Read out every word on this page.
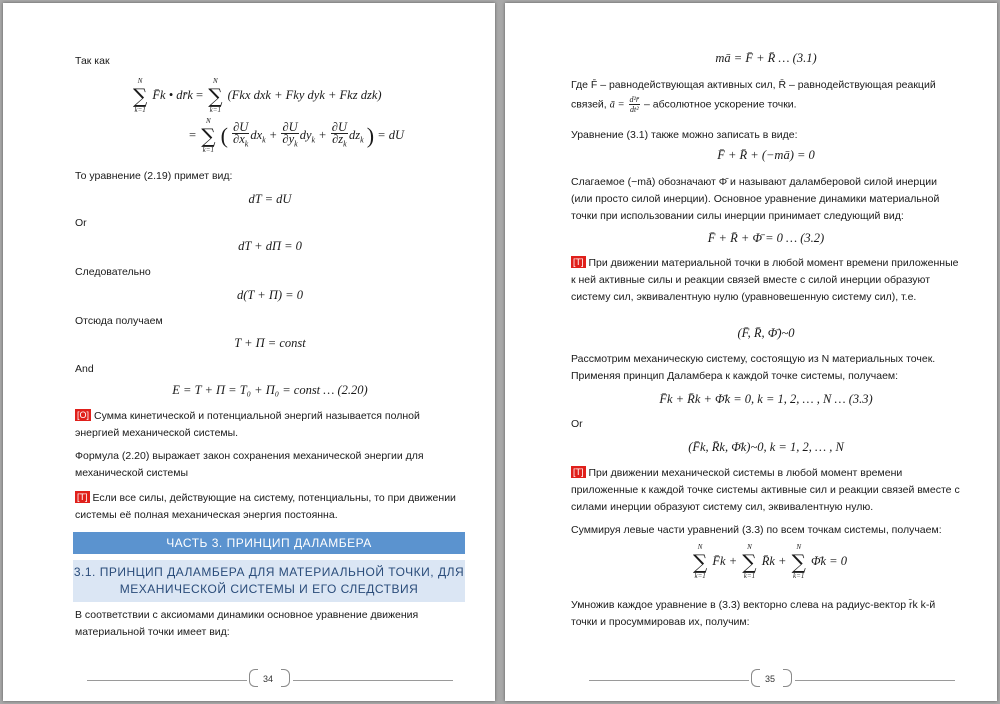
Так как
N
∑
k=1
F̄k • dr̄k =
N
∑
k=1
(Fkx dxk + Fky dyk + Fkz dzk)
=
N
∑
k=1
( $\frac{\partial U}{\partial x_k} dx_k + \frac{\partial U}{\partial y_k} dy_k + \frac{\partial U}{\partial z_k} dz_k$ ) = dU
То уравнение (2.19) примет вид:
dT = dU
Or
dT + dΠ = 0
Следовательно
d(T + Π) = 0
Отсюда получаем
T + Π = const
And
E = T + Π = T₀ + Π₀ = const … (2.20)
[O] Сумма кинетической и потенциальной энергий называется полной энергией механической системы.
Формула (2.20) выражает закон сохранения механической энергии для механической системы
[T] Если все силы, действующие на систему, потенциальны, то при движении системы её полная механическая энергия постоянна.
ЧАСТЬ 3. ПРИНЦИП ДАЛАМБЕРА
3.1. ПРИНЦИП ДАЛАМБЕРА ДЛЯ МАТЕРИАЛЬНОЙ ТОЧКИ, ДЛЯ МЕХАНИЧЕСКОЙ СИСТЕМЫ И ЕГО СЛЕДСТВИЯ
В соответствии с аксиомами динамики основное уравнение движения материальной точки имеет вид:
34
mā = F̄ + R̄ … (3.1)
Где F̄ – равнодействующая активных сил, R̄ – равнодействующая реакций
связей, ā = $\frac{\text{d²r̄}}{\text{dt²}}$ – абсолютное ускорение точки.
Уравнение (3.1) также можно записать в виде:
F̄ + R̄ + (−mā) = 0
Слагаемое (−mā) обозначают Φ̄ и называют даламберовой силой инерции (или просто силой инерции). Основное уравнение динамики материальной точки при использовании силы инерции принимает следующий вид:
F̄ + R̄ + Φ̄ = 0 … (3.2)
[T] При движении материальной точки в любой момент времени приложенные к ней активные силы и реакции связей вместе с силой инерции образуют систему сил, эквивалентную нулю (уравновешенную систему сил), т.е.
(F̄, R̄, Φ̄)~0
Рассмотрим механическую систему, состоящую из N материальных точек. Применяя принцип Даламбера к каждой точке системы, получаем:
F̄k + R̄k + Φ̄k = 0, k = 1, 2, … , N … (3.3)
Or
(F̄k, R̄k, Φ̄k)~0, k = 1, 2, … , N
[T] При движении механической системы в любой момент времени приложенные к каждой точке системы активные сил и реакции связей вместе с силами инерции образуют систему сил, эквивалентную нулю.
Суммируя левые части уравнений (3.3) по всем точкам системы, получаем:
N
∑
k=1
F̄k +
N
∑
k=1
R̄k +
N
∑
k=1
Φ̄k = 0
Умножив каждое уравнение в (3.3) векторно слева на радиус-вектор r̄k k-й точки и просуммировав их, получим:
35
